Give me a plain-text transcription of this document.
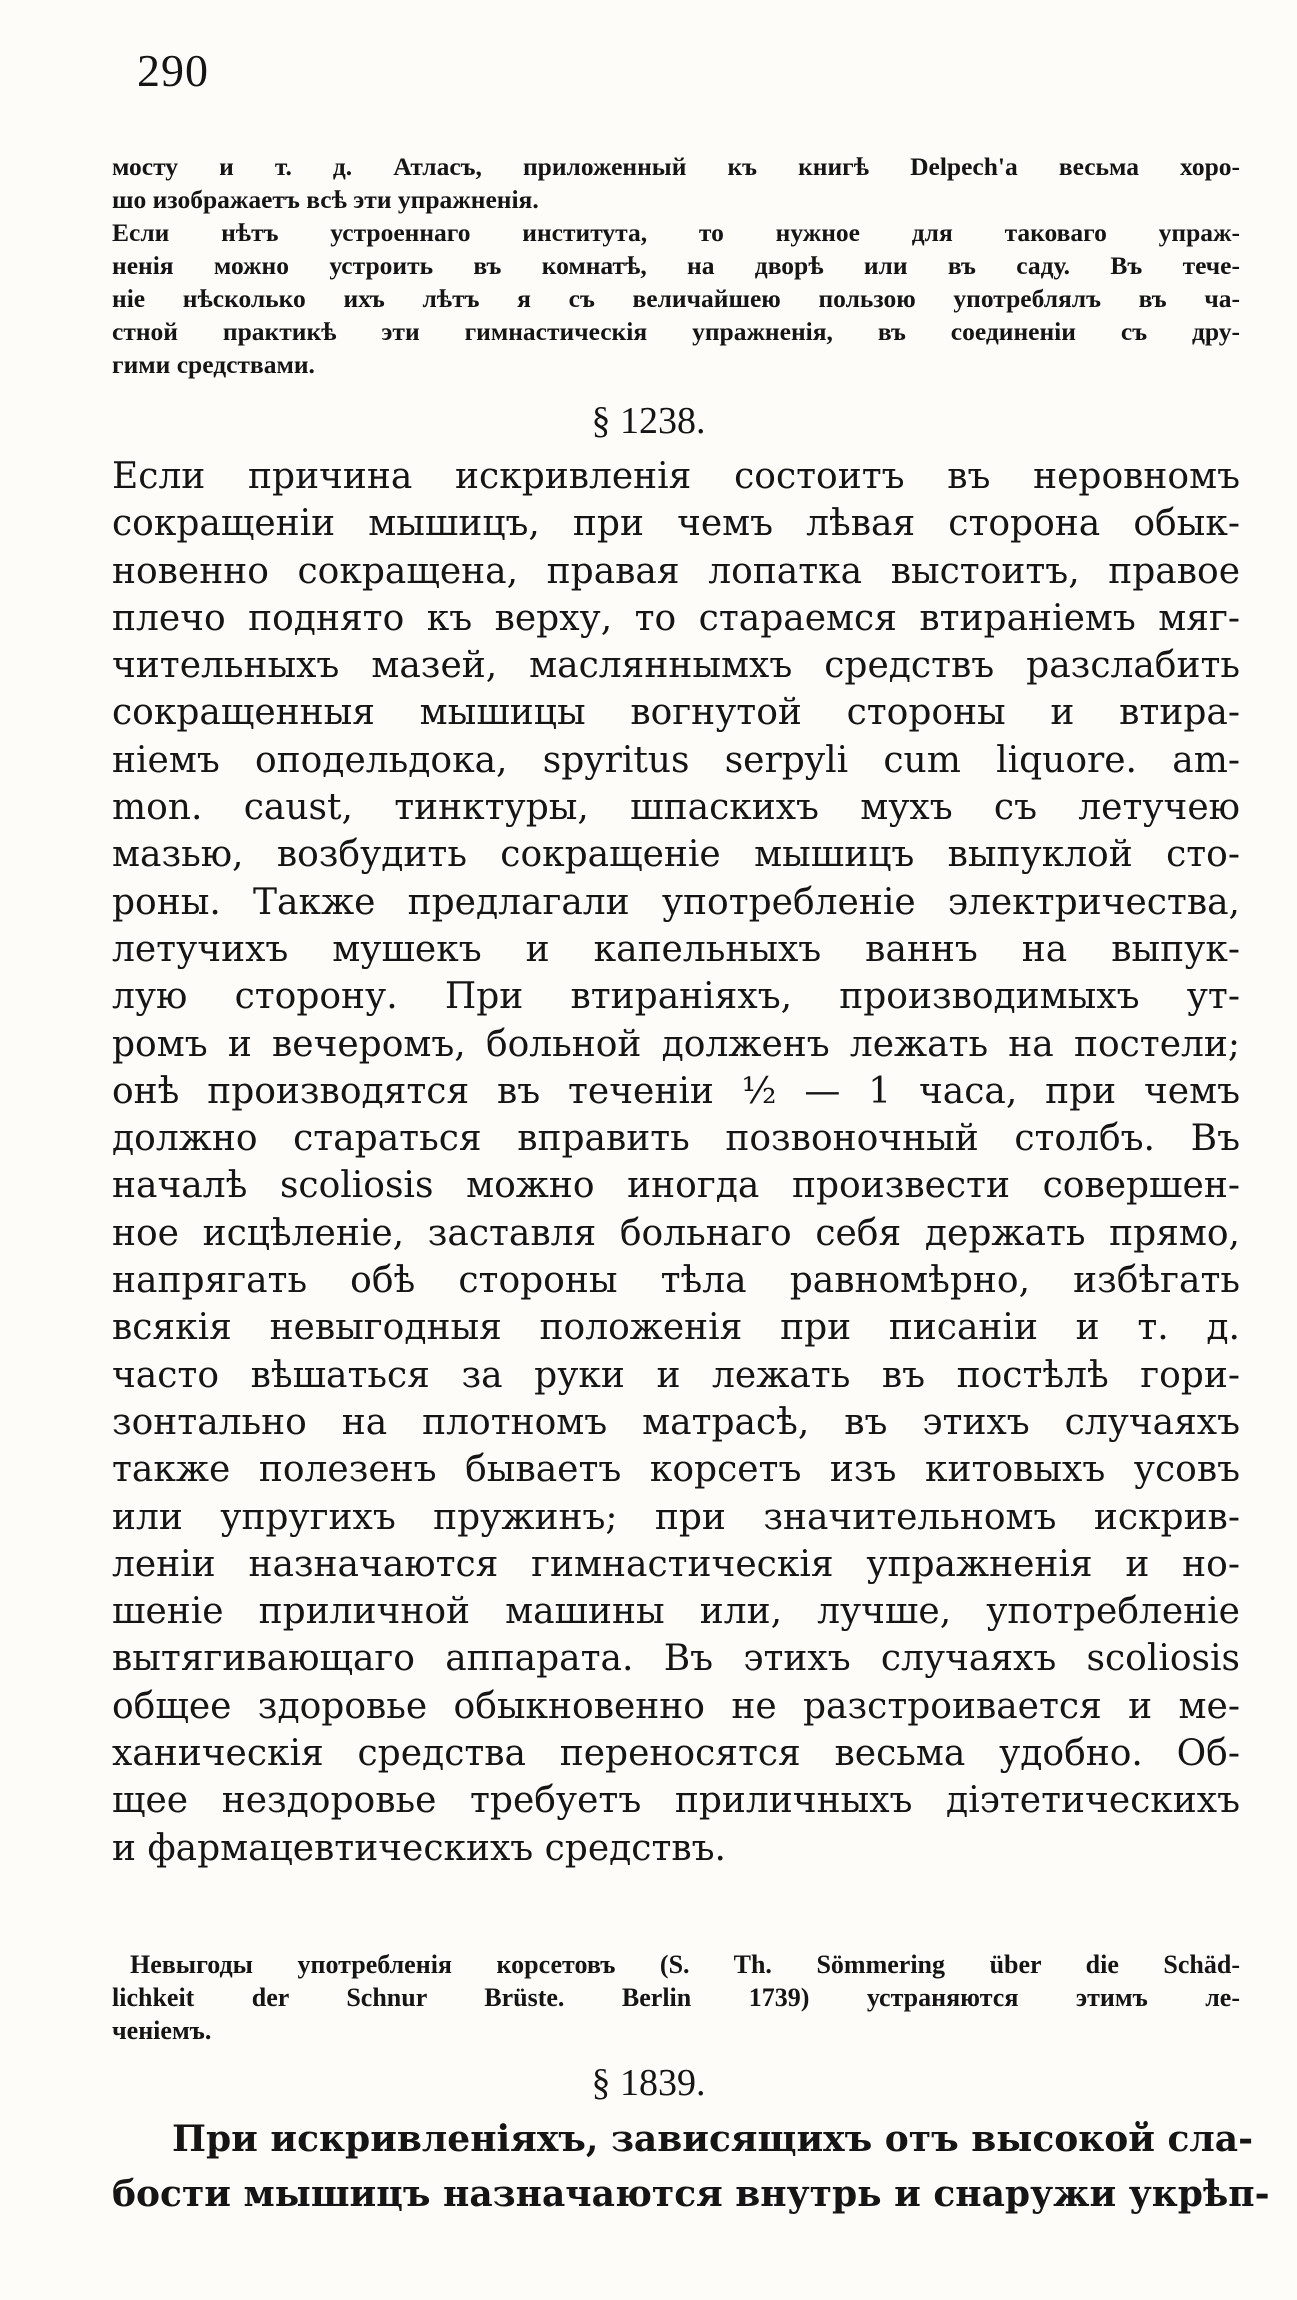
290
мосту и т. д. Атласъ, приложенный къ книгѣ Delpech'а весьма хоро-
шо изображаетъ всѣ эти упражненія.
Если нѣтъ устроеннаго института, то нужное для таковаго упраж-
ненія можно устроить въ комнатѣ, на дворѣ или въ саду. Въ тече-
ніе нѣсколько ихъ лѣтъ я съ величайшею пользою употреблялъ въ ча-
стной практикѣ эти гимнастическія упражненія, въ соединеніи съ дру-
гими средствами.
§ 1238.
Если причина искривленія состоитъ въ неровномъ
сокращеніи мышицъ, при чемъ лѣвая сторона обык-
новенно сокращена, правая лопатка выстоитъ, правое
плечо поднято къ верху, то стараемся втираніемъ мяг-
чительныхъ мазей, масляннымхъ средствъ разслабить
сокращенныя мышицы вогнутой стороны и втира-
ніемъ оподельдока, spyritus serpyli cum liquore. am-
mon. caust, тинктуры, шпаскихъ мухъ съ летучею
мазью, возбудить сокращеніе мышицъ выпуклой сто-
роны. Также предлагали употребленіе электричества,
летучихъ мушекъ и капельныхъ ваннъ на выпук-
лую сторону. При втираніяхъ, производимыхъ ут-
ромъ и вечеромъ, больной долженъ лежать на постели;
онѣ производятся въ теченіи ½ — 1 часа, при чемъ
должно стараться вправить позвоночный столбъ. Въ
началѣ scoliosis можно иногда произвести совершен-
ное исцѣленіе, заставля больнаго себя держать прямо,
напрягать обѣ стороны тѣла равномѣрно, избѣгать
всякія невыгодныя положенія при писаніи и т. д.
часто вѣшаться за руки и лежать въ постѣлѣ гори-
зонтально на плотномъ матрасѣ, въ этихъ случаяхъ
также полезенъ бываетъ корсетъ изъ китовыхъ усовъ
или упругихъ пружинъ; при значительномъ искрив-
леніи назначаются гимнастическія упражненія и но-
шеніе приличной машины или, лучше, употребленіе
вытягивающаго аппарата. Въ этихъ случаяхъ scoliosis
общее здоровье обыкновенно не разстроивается и ме-
ханическія средства переносятся весьма удобно. Об-
щее нездоровье требуетъ приличныхъ діэтетическихъ
и фармацевтическихъ средствъ.
Невыгоды употребленія корсетовъ (S. Th. Sömmering über die Schäd-
lichkeit der Schnur Brüste. Berlin 1739) устраняются этимъ ле-
ченіемъ.
§ 1839.
При искривленіяхъ, зависящихъ отъ высокой сла-
бости мышицъ назначаются внутрь и снаружи укрѣп-
